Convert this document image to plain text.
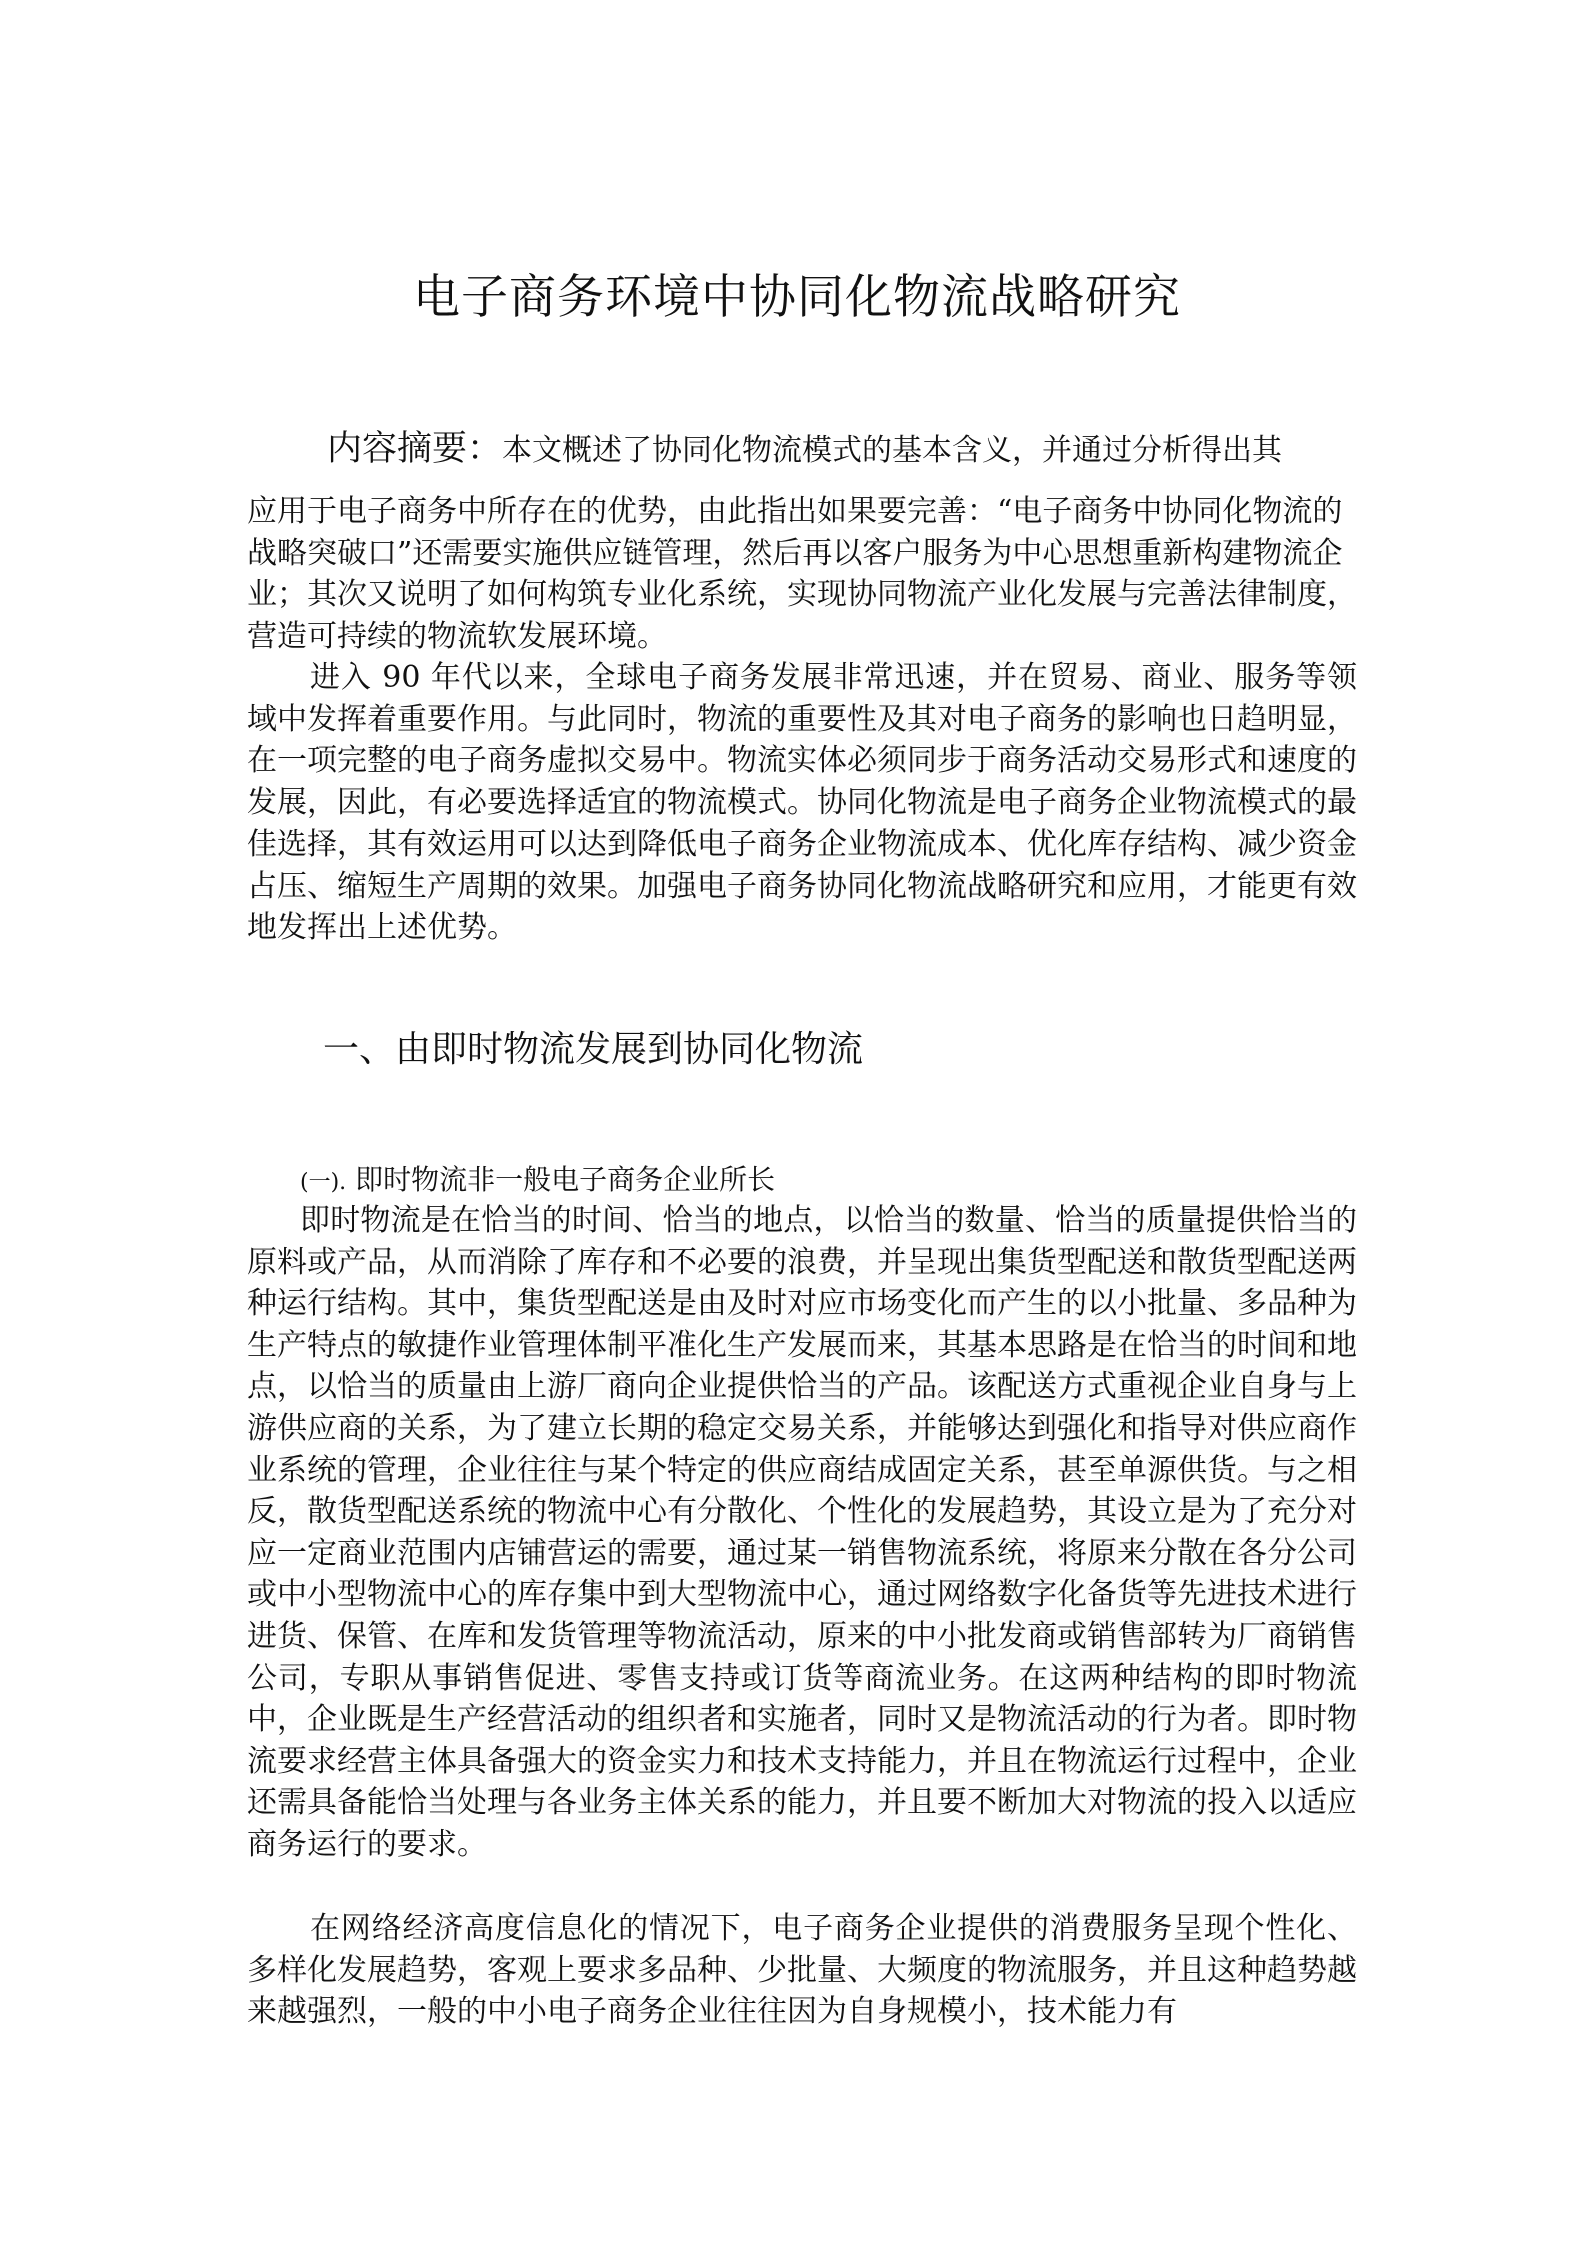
电子商务环境中协同化物流战略研究

内容摘要：本文概述了协同化物流模式的基本含义，并通过分析得出其

应用于电子商务中所存在的优势，由此指出如果要完善：“电子商务中协同化物流的战略突破口”还需要实施供应链管理，然后再以客户服务为中心思想重新构建物流企业；其次又说明了如何构筑专业化系统，实现协同物流产业化发展与完善法律制度，营造可持续的物流软发展环境。

进入 90 年代以来，全球电子商务发展非常迅速，并在贸易、商业、服务等领域中发挥着重要作用。与此同时，物流的重要性及其对电子商务的影响也日趋明显，在一项完整的电子商务虚拟交易中。物流实体必须同步于商务活动交易形式和速度的发展，因此，有必要选择适宜的物流模式。协同化物流是电子商务企业物流模式的最佳选择，其有效运用可以达到降低电子商务企业物流成本、优化库存结构、减少资金占压、缩短生产周期的效果。加强电子商务协同化物流战略研究和应用，才能更有效地发挥出上述优势。

一、由即时物流发展到协同化物流
(一). 即时物流非一般电子商务企业所长

即时物流是在恰当的时间、恰当的地点，以恰当的数量、恰当的质量提供恰当的原料或产品，从而消除了库存和不必要的浪费，并呈现出集货型配送和散货型配送两种运行结构。其中，集货型配送是由及时对应市场变化而产生的以小批量、多品种为生产特点的敏捷作业管理体制平准化生产发展而来，其基本思路是在恰当的时间和地点，以恰当的质量由上游厂商向企业提供恰当的产品。该配送方式重视企业自身与上游供应商的关系，为了建立长期的稳定交易关系，并能够达到强化和指导对供应商作业系统的管理，企业往往与某个特定的供应商结成固定关系，甚至单源供货。与之相反，散货型配送系统的物流中心有分散化、个性化的发展趋势，其设立是为了充分对应一定商业范围内店铺营运的需要，通过某一销售物流系统，将原来分散在各分公司或中小型物流中心的库存集中到大型物流中心，通过网络数字化备货等先进技术进行进货、保管、在库和发货管理等物流活动，原来的中小批发商或销售部转为厂商销售公司，专职从事销售促进、零售支持或订货等商流业务。在这两种结构的即时物流中，企业既是生产经营活动的组织者和实施者，同时又是物流活动的行为者。即时物流要求经营主体具备强大的资金实力和技术支持能力，并且在物流运行过程中，企业还需具备能恰当处理与各业务主体关系的能力，并且要不断加大对物流的投入以适应商务运行的要求。

在网络经济高度信息化的情况下，电子商务企业提供的消费服务呈现个性化、多样化发展趋势，客观上要求多品种、少批量、大频度的物流服务，并且这种趋势越来越强烈，一般的中小电子商务企业往往因为自身规模小，技术能力有
